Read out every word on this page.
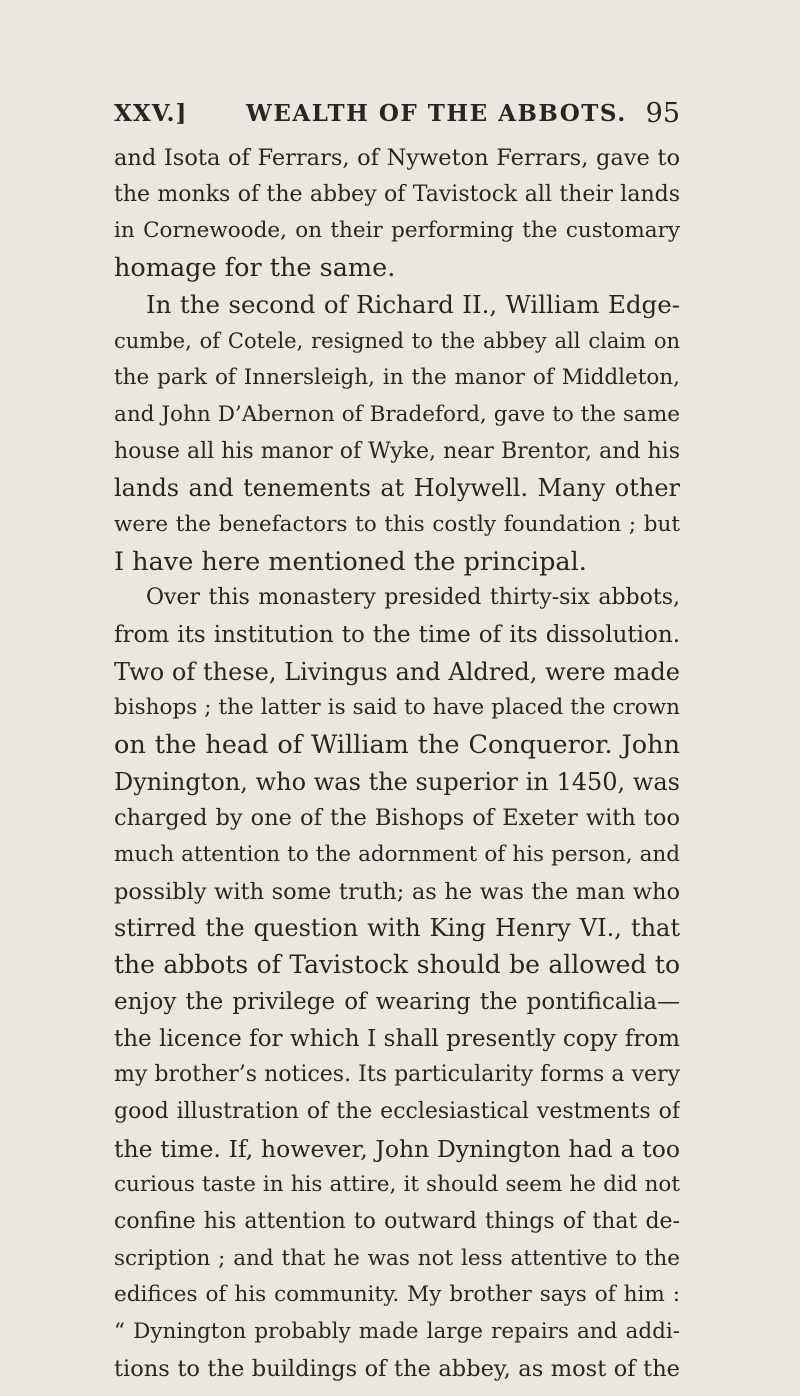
XXV.]	WEALTH OF THE ABBOTS. 95
and Isota of Ferrars, of Nyweton Ferrars, gave to
the monks of the abbey of Tavistock all their lands
in Cornewoode, on their performing the customary
homage for the same.
In the second of Richard II., William Edge-
cumbe, of Cotele, resigned to the abbey all claim on
the park of Innersleigh, in the manor of Middleton,
and John D’Abernon of Bradeford, gave to the same
house all his manor of Wyke, near Brentor, and his
lands and tenements at Holywell. Many other
were the benefactors to this costly foundation ; but
I have here mentioned the principal.
Over this monastery presided thirty-six abbots,
from its institution to the time of its dissolution.
Two of these, Livingus and Aldred, were made
bishops ; the latter is said to have placed the crown
on the head of William the Conqueror. John
Dynington, who was the superior in 1450, was
charged by one of the Bishops of Exeter with too
much attention to the adornment of his person, and
possibly with some truth; as he was the man who
stirred the question with King Henry VI., that
the abbots of Tavistock should be allowed to
enjoy the privilege of wearing the pontificalia—
the licence for which I shall presently copy from
my brother’s notices. Its particularity forms a very
good illustration of the ecclesiastical vestments of
the time. If, however, John Dynington had a too
curious taste in his attire, it should seem he did not
confine his attention to outward things of that de-
scription ; and that he was not less attentive to the
edifices of his community. My brother says of him :
“ Dynington probably made large repairs and addi-
tions to the buildings of the abbey, as most of the
